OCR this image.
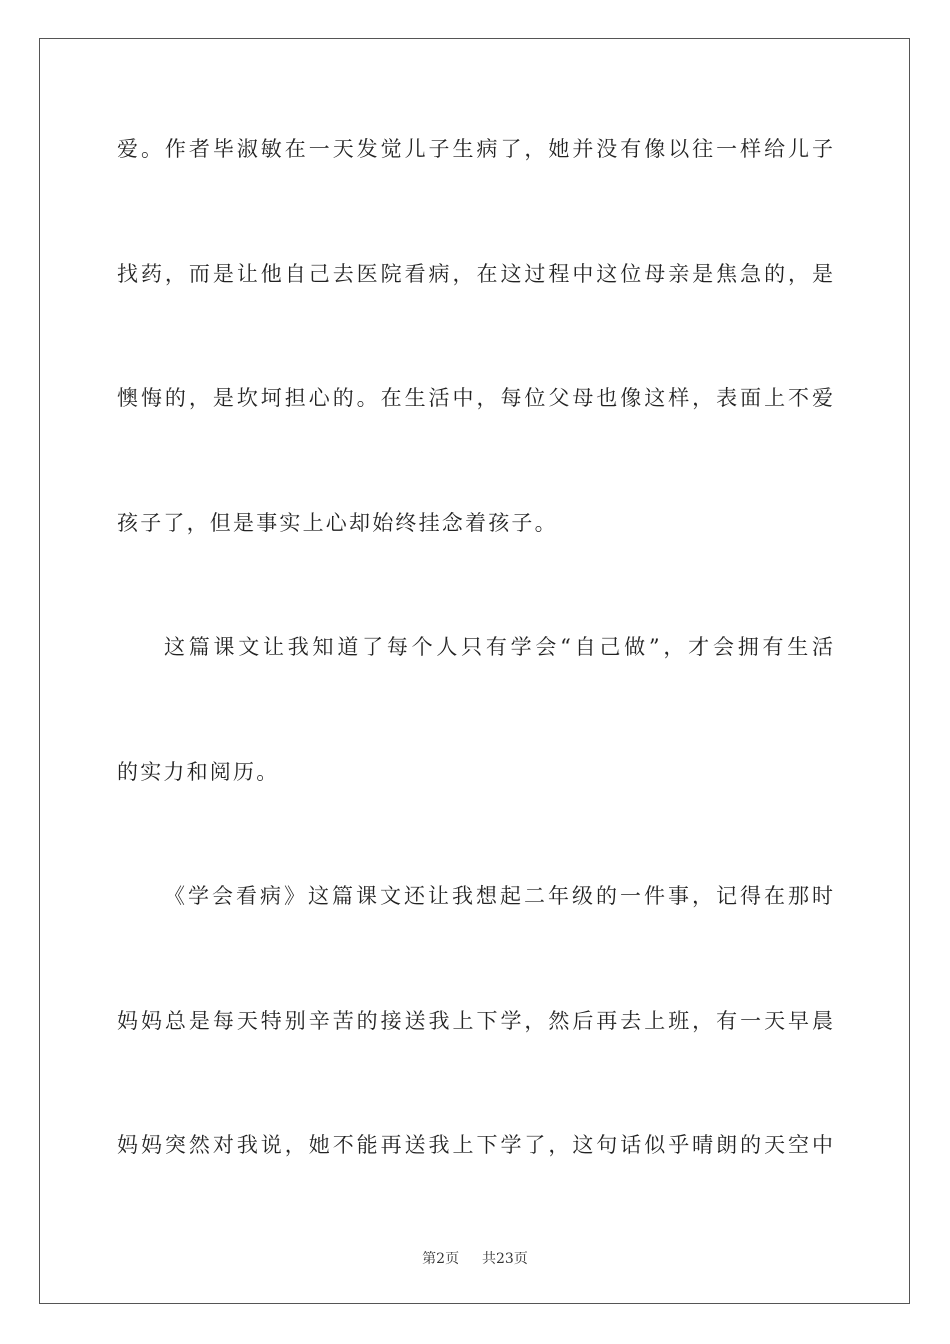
爱。作者毕淑敏在一天发觉儿子生病了，她并没有像以往一样给儿子

找药，而是让他自己去医院看病，在这过程中这位母亲是焦急的，是

懊悔的，是坎坷担心的。在生活中，每位父母也像这样，表面上不爱

孩子了，但是事实上心却始终挂念着孩子。

这篇课文让我知道了每个人只有学会“自己做”，才会拥有生活

的实力和阅历。

《学会看病》这篇课文还让我想起二年级的一件事，记得在那时

妈妈总是每天特别辛苦的接送我上下学，然后再去上班，有一天早晨

妈妈突然对我说，她不能再送我上下学了，这句话似乎晴朗的天空中

第2页 共23页
